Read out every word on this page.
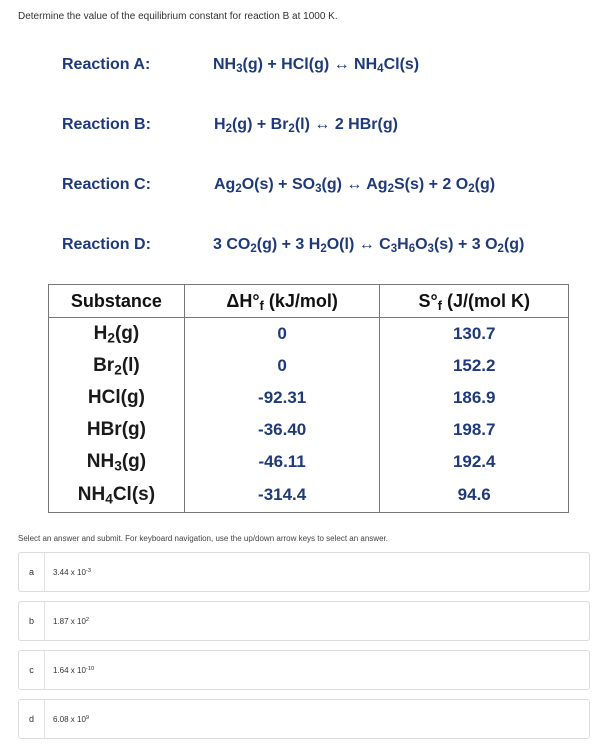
Determine the value of the equilibrium constant for reaction B at 1000 K.
Reaction A:	$NH_3(g) + HCl(g)$ ↔ $NH_4Cl(s)$
Reaction B:	$H_2(g) + Br_2(l)$ ↔ 2 HBr(g)
Reaction C:	$Ag_2O(s) + SO_3(g)$ ↔ $Ag_2S(s) + 2$ $O_2(g)$
Reaction D:	3 $CO_2(g) + 3$ $H_2O(l)$ ↔ $C_3H_6O_3(s) + 3$ $O_2(g)$
Substance	$\Delta H^\circ_f$ (kJ/mol)	$S^\circ_f$ (J/(mol K)
$H_2(g)$	0	130.7
$Br_2(l)$	0	152.2
HCl(g)	-92.31	186.9
HBr(g)	-36.40	198.7
$NH_3(g)$	-46.11	192.4
$NH_4Cl(s)$	-314.4	94.6
Select an answer and submit. For keyboard navigation, use the up/down arrow keys to select an answer.
a	3.44 x $10^{-3}$
b	1.87 x $10^2$
c	1.64 x $10^{-10}$
d	6.08 x $10^9$
